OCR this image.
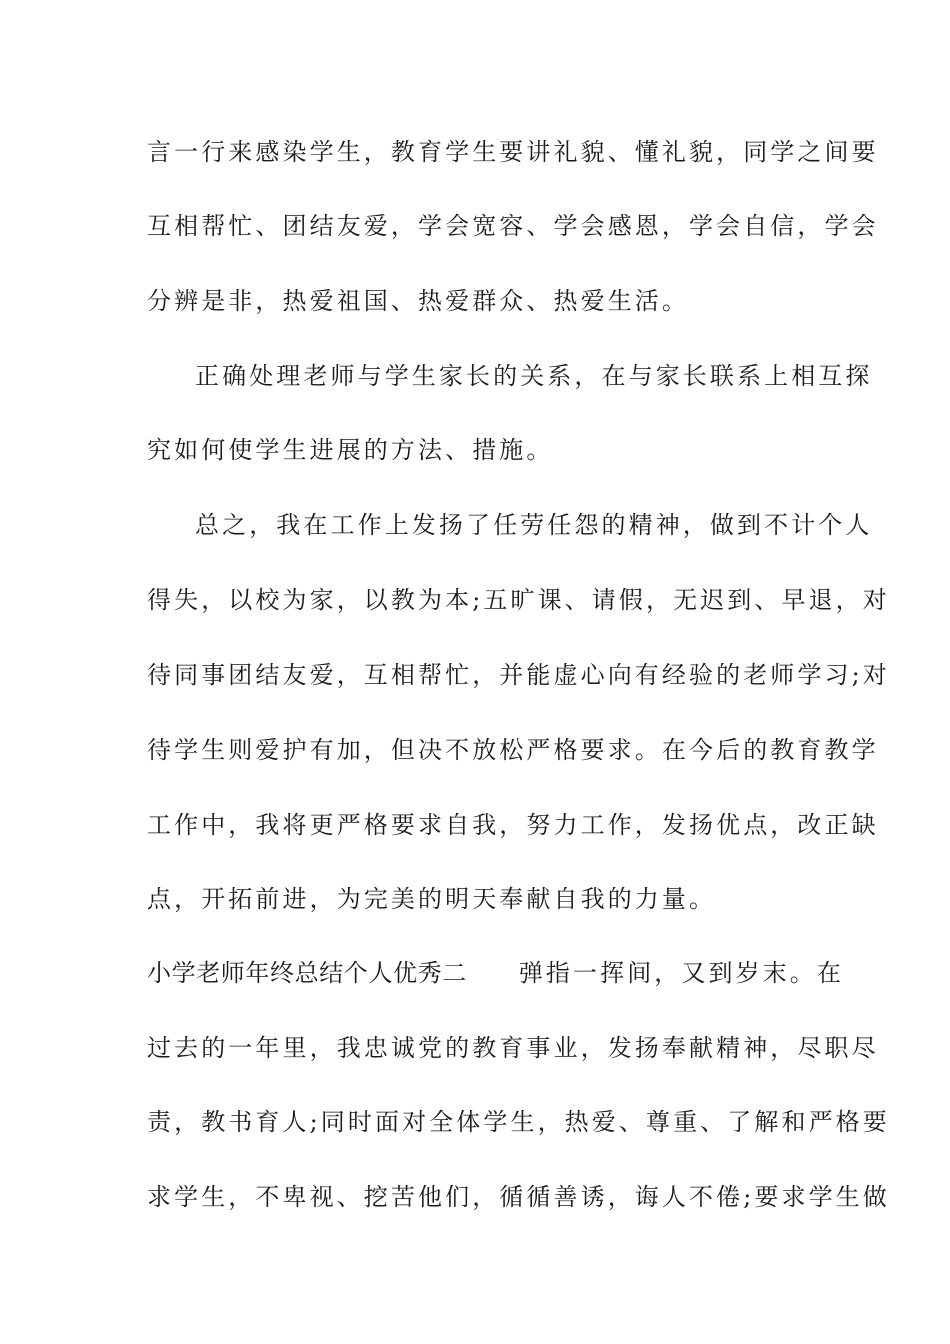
言一行来感染学生，教育学生要讲礼貌、懂礼貌，同学之间要
互相帮忙、团结友爱，学会宽容、学会感恩，学会自信，学会
分辨是非，热爱祖国、热爱群众、热爱生活。
正确处理老师与学生家长的关系，在与家长联系上相互探
究如何使学生进展的方法、措施。
总之，我在工作上发扬了任劳任怨的精神，做到不计个人
得失，以校为家，以教为本;五旷课、请假，无迟到、早退，对
待同事团结友爱，互相帮忙，并能虚心向有经验的老师学习;对
待学生则爱护有加，但决不放松严格要求。在今后的教育教学
工作中，我将更严格要求自我，努力工作，发扬优点，改正缺
点，开拓前进，为完美的明天奉献自我的力量。
小学老师年终总结个人优秀二 弹指一挥间，又到岁末。在
过去的一年里，我忠诚党的教育事业，发扬奉献精神，尽职尽
责，教书育人;同时面对全体学生，热爱、尊重、了解和严格要
求学生，不卑视、挖苦他们，循循善诱，诲人不倦;要求学生做
